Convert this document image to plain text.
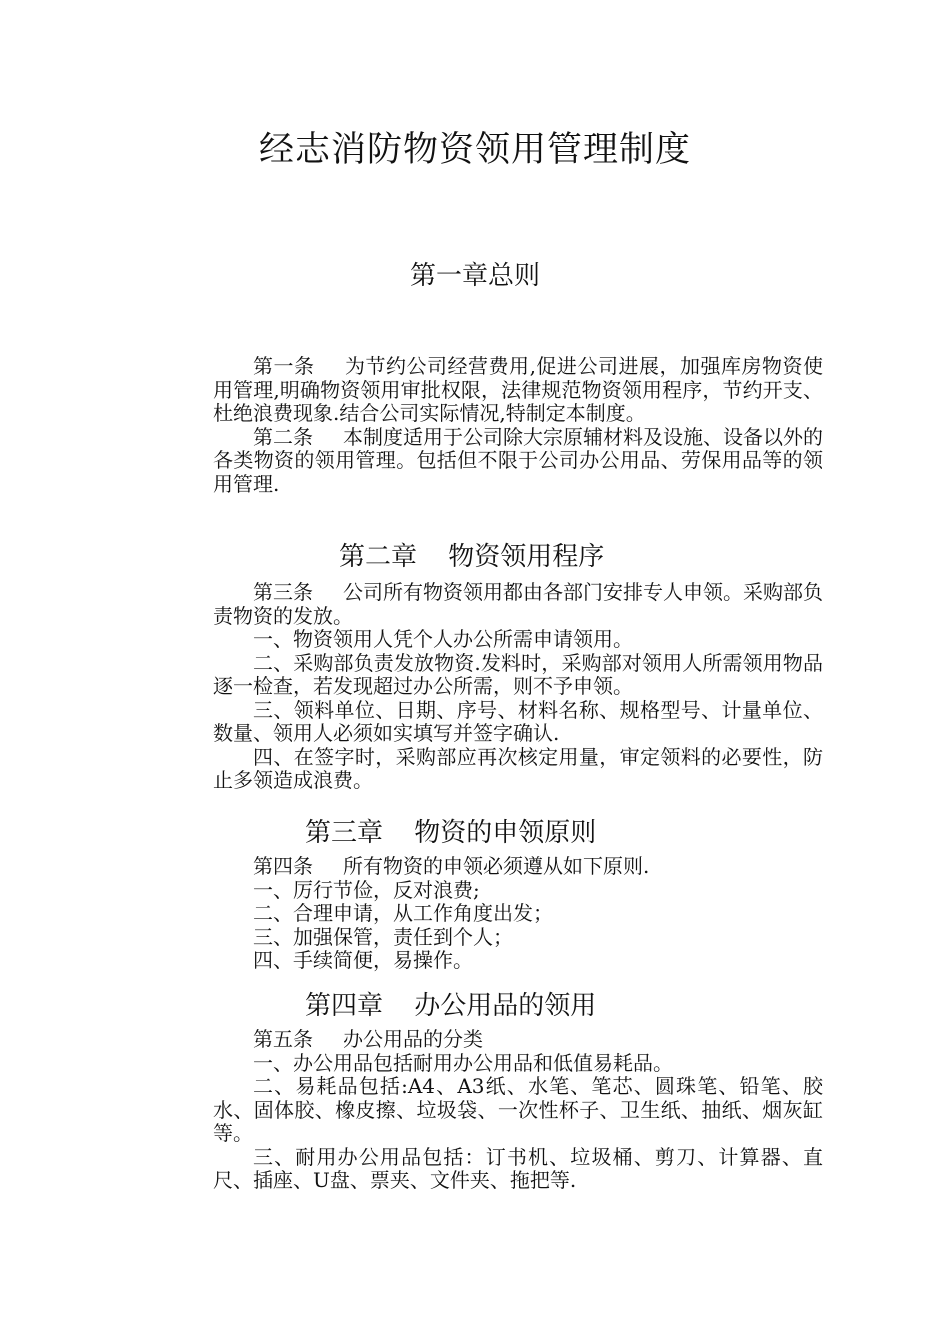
经志消防物资领用管理制度
第一章总则

第一条 为节约公司经营费用,促进公司进展，加强库房物资使用管理,明确物资领用审批权限，法律规范物资领用程序，节约开支、杜绝浪费现象.结合公司实际情况,特制定本制度。

第二条 本制度适用于公司除大宗原辅材料及设施、设备以外的各类物资的领用管理。包括但不限于公司办公用品、劳保用品等的领用管理.

第二章 物资领用程序

第三条 公司所有物资领用都由各部门安排专人申领。采购部负责物资的发放。

一、物资领用人凭个人办公所需申请领用。

二、采购部负责发放物资.发料时，采购部对领用人所需领用物品逐一检查，若发现超过办公所需，则不予申领。

三、领料单位、日期、序号、材料名称、规格型号、计量单位、数量、领用人必须如实填写并签字确认.

四、在签字时，采购部应再次核定用量，审定领料的必要性，防止多领造成浪费。

第三章 物资的申领原则

第四条 所有物资的申领必须遵从如下原则.

一、厉行节俭，反对浪费;

二、合理申请，从工作角度出发；

三、加强保管，责任到个人；

四、手续简便，易操作。

第四章 办公用品的领用

第五条 办公用品的分类

一、办公用品包括耐用办公用品和低值易耗品。

二、易耗品包括:A4、A3纸、水笔、笔芯、圆珠笔、铅笔、胶水、固体胶、橡皮擦、垃圾袋、一次性杯子、卫生纸、抽纸、烟灰缸等。

三、耐用办公用品包括：订书机、垃圾桶、剪刀、计算器、直尺、插座、U盘、票夹、文件夹、拖把等.
